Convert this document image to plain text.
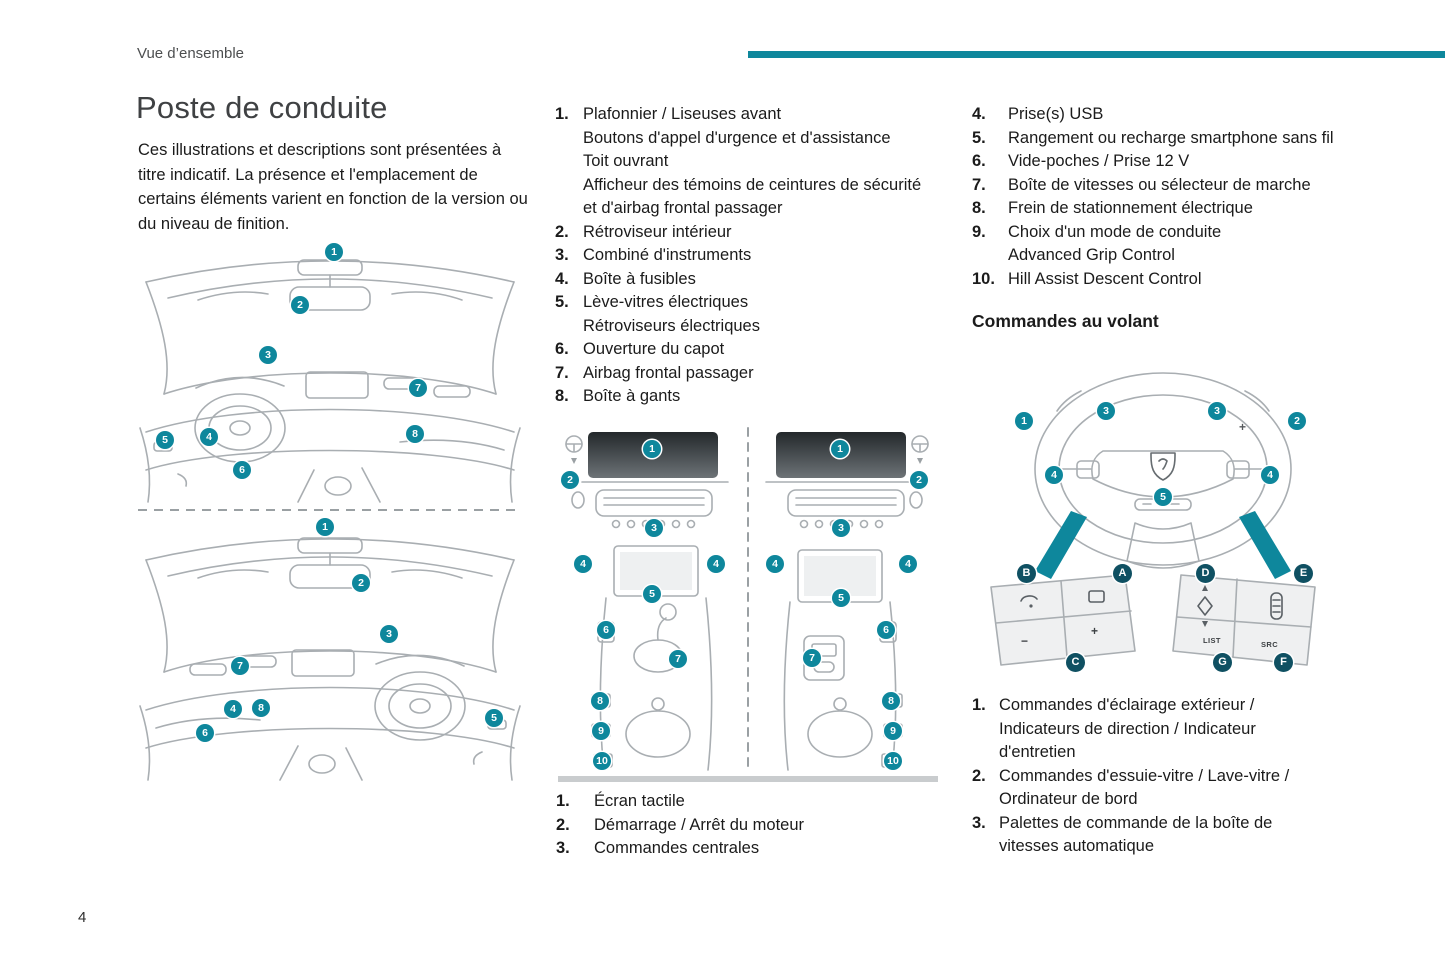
Vue d’ensemble
Poste de conduite

Ces illustrations et descriptions sont présentées à titre indicatif. La présence et l'emplacement de certains éléments varient en fonction de la version ou du niveau de finition.

1
2
3
7
4	8
5
6
1
2
3
7
4	8
6
5
1. Plafonnier / Liseuses avant
Boutons d'appel d'urgence et d'assistance
Toit ouvrant
Afficheur des témoins de ceintures de sécurité et d'airbag frontal passager
2. Rétroviseur intérieur
3. Combiné d'instruments
4. Boîte à fusibles
5. Lève-vitres électriques
Rétroviseurs électriques
6. Ouverture du capot
7. Airbag frontal passager
8. Boîte à gants
1
2
3
4	4
5
6
7
8
9
10
1
2
3
4	4
5
6
7
8
9
10
1.	Écran tactile
2.	Démarrage / Arrêt du moteur
3.	Commandes centrales
4.	Prise(s) USB
5.	Rangement ou recharge smartphone sans fil
6.	Vide-poches / Prise 12 V
7.	Boîte de vitesses ou sélecteur de marche
8.	Frein de stationnement électrique
9.	Choix d'un mode de conduite
Advanced Grip Control
10. Hill Assist Descent Control
Commandes au volant
+
−
+
LIST	SRC
1
3	3
2
4	4
5
B	A
C
D	E
G	F
1. Commandes d'éclairage extérieur / Indicateurs de direction / Indicateur d'entretien
2. Commandes d'essuie-vitre / Lave-vitre / Ordinateur de bord
3. Palettes de commande de la boîte de vitesses automatique
4
